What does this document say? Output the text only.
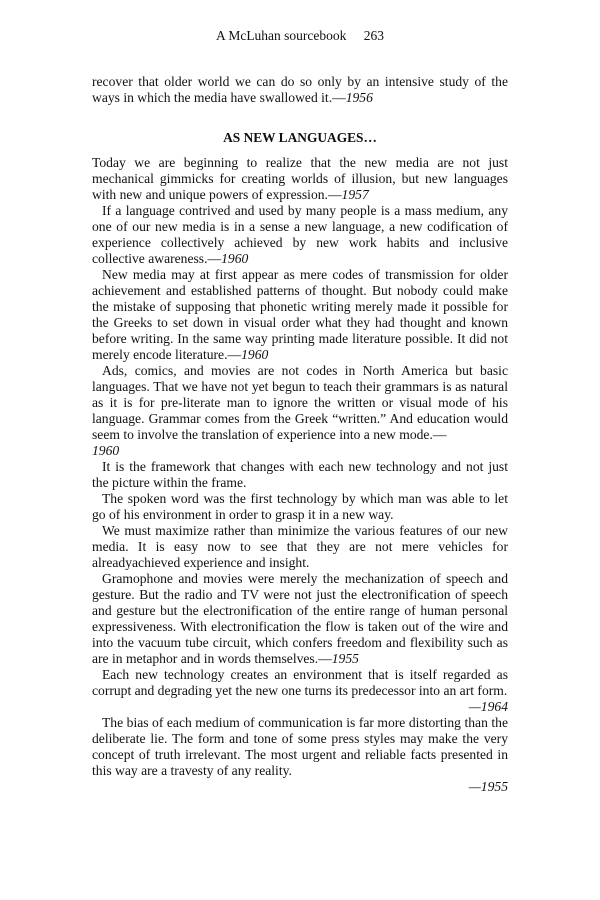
A McLuhan sourcebook 263

recover that older world we can do so only by an intensive study of the ways in which the media have swallowed it.—1956

AS NEW LANGUAGES…

Today we are beginning to realize that the new media are not just mechanical gimmicks for creating worlds of illusion, but new languages with new and unique powers of expression.—1957

If a language contrived and used by many people is a mass medium, any one of our new media is in a sense a new language, a new codification of experience collectively achieved by new work habits and inclusive collective awareness.—1960

New media may at first appear as mere codes of transmission for older achievement and established patterns of thought. But nobody could make the mistake of supposing that phonetic writing merely made it possible for the Greeks to set down in visual order what they had thought and known before writing. In the same way printing made literature possible. It did not merely encode literature.—1960

Ads, comics, and movies are not codes in North America but basic languages. That we have not yet begun to teach their grammars is as natural as it is for pre-literate man to ignore the written or visual mode of his language. Grammar comes from the Greek “written.” And education would seem to involve the translation of experience into a new mode.—
1960

It is the framework that changes with each new technology and not just the picture within the frame.

The spoken word was the first technology by which man was able to let go of his environment in order to grasp it in a new way.

We must maximize rather than minimize the various features of our new media. It is easy now to see that they are not mere vehicles for alreadyachieved experience and insight.

Gramophone and movies were merely the mechanization of speech and gesture. But the radio and TV were not just the electronification of speech and gesture but the electronification of the entire range of human personal expressiveness. With electronification the flow is taken out of the wire and into the vacuum tube circuit, which confers freedom and flexibility such as are in metaphor and in words themselves.—1955

Each new technology creates an environment that is itself regarded as corrupt and degrading yet the new one turns its predecessor into an art form.
—1964

The bias of each medium of communication is far more distorting than the deliberate lie. The form and tone of some press styles may make the very concept of truth irrelevant. The most urgent and reliable facts presented in this way are a travesty of any reality.
—1955
